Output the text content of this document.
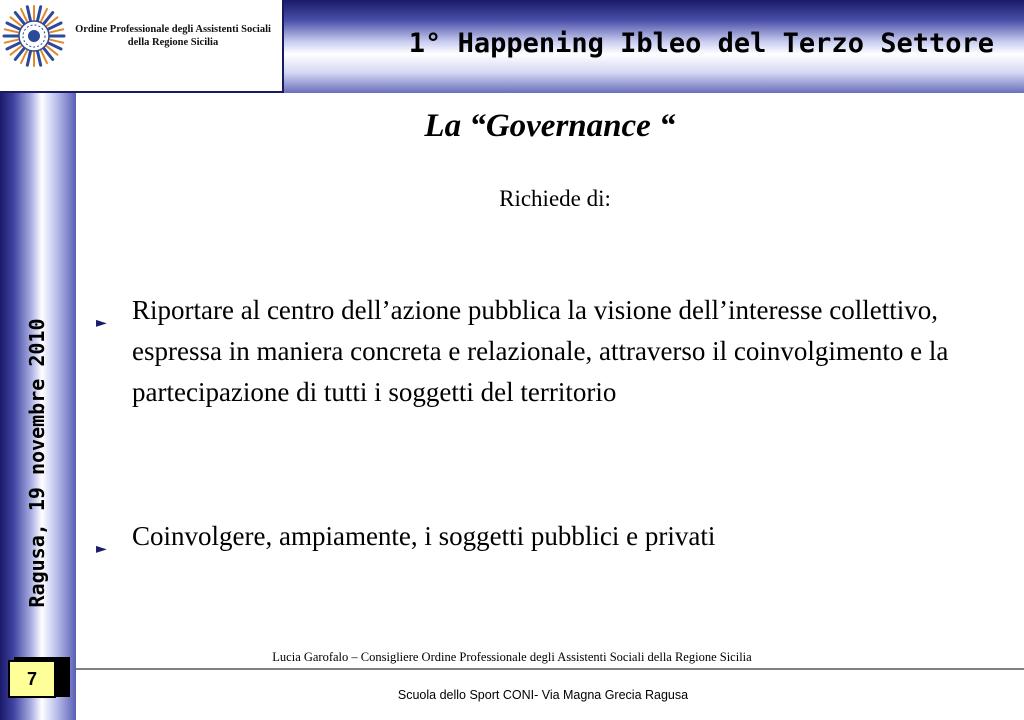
Ordine Professionale degli Assistenti Sociali
della Regione Sicilia	1° Happening Ibleo del Terzo Settore
Ragusa, 19 novembre 2010
7
La “Governance “
Richiede di:
► Riportare al centro dell’azione pubblica la visione dell’interesse collettivo, espressa in maniera concreta e relazionale, attraverso il coinvolgimento e la partecipazione di tutti i soggetti del territorio
► Coinvolgere, ampiamente, i soggetti pubblici e privati
Lucia Garofalo – Consigliere Ordine Professionale degli Assistenti Sociali della Regione Sicilia
Scuola dello Sport CONI- Via Magna Grecia Ragusa
